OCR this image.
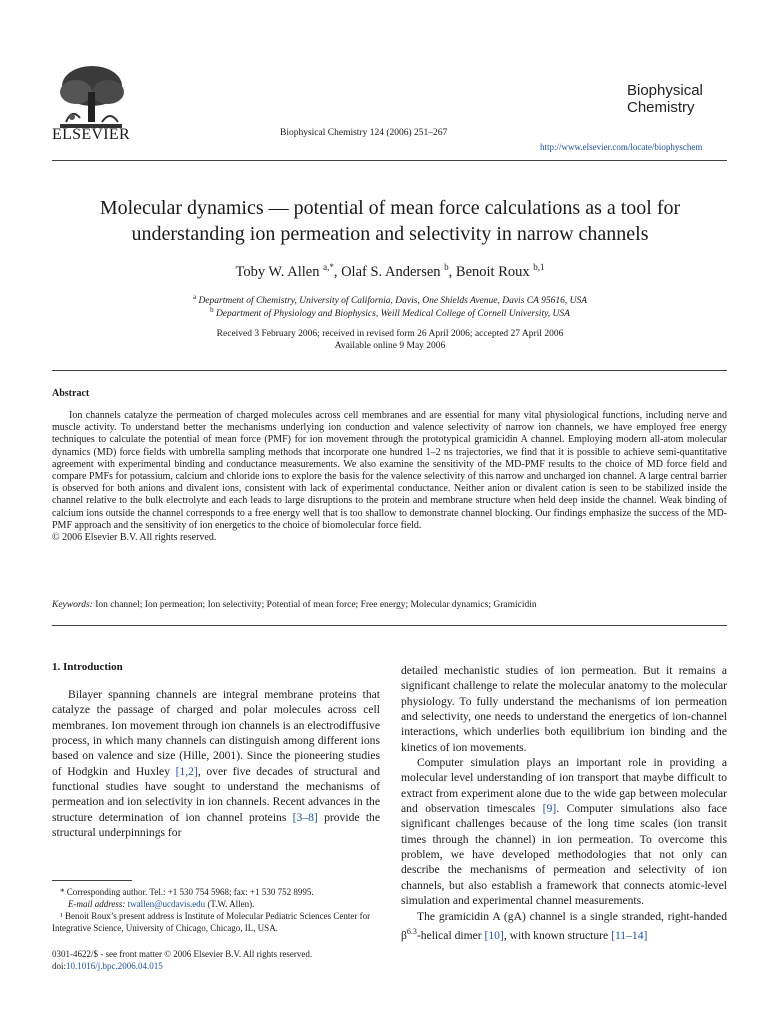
ELSEVIER	Biophysical Chemistry 124 (2006) 251–267
Biophysical
Chemistry
http://www.elsevier.com/locate/biophyschem
Molecular dynamics — potential of mean force calculations as a tool for
understanding ion permeation and selectivity in narrow channels
Toby W. Allen $^{a,*}$, Olaf S. Andersen $^b$, Benoit Roux $^{b,1}$
$^a$ Department of Chemistry, University of California, Davis, One Shields Avenue, Davis CA 95616, USA
$^b$ Department of Physiology and Biophysics, Weill Medical College of Cornell University, USA
Received 3 February 2006; received in revised form 26 April 2006; accepted 27 April 2006
Available online 9 May 2006
Abstract
Ion channels catalyze the permeation of charged molecules across cell membranes and are essential for many vital physiological functions, including nerve and muscle activity. To understand better the mechanisms underlying ion conduction and valence selectivity of narrow ion channels, we have employed free energy techniques to calculate the potential of mean force (PMF) for ion movement through the prototypical gramicidin A channel. Employing modern all-atom molecular dynamics (MD) force fields with umbrella sampling methods that incorporate one hundred 1–2 ns trajectories, we find that it is possible to achieve semi-quantitative agreement with experimental binding and conductance measurements. We also examine the sensitivity of the MD-PMF results to the choice of MD force field and compare PMFs for potassium, calcium and chloride ions to explore the basis for the valence selectivity of this narrow and uncharged ion channel. A large central barrier is observed for both anions and divalent ions, consistent with lack of experimental conductance. Neither anion or divalent cation is seen to be stabilized inside the channel relative to the bulk electrolyte and each leads to large disruptions to the protein and membrane structure when held deep inside the channel. Weak binding of calcium ions outside the channel corresponds to a free energy well that is too shallow to demonstrate channel blocking. Our findings emphasize the success of the MD-PMF approach and the sensitivity of ion energetics to the choice of biomolecular force field.
© 2006 Elsevier B.V. All rights reserved.
Keywords: Ion channel; Ion permeation; Ion selectivity; Potential of mean force; Free energy; Molecular dynamics; Gramicidin
1. Introduction

Bilayer spanning channels are integral membrane proteins that catalyze the passage of charged and polar molecules across cell membranes. Ion movement through ion channels is an electrodiffusive process, in which many channels can distinguish among different ions based on valence and size (Hille, 2001). Since the pioneering studies of Hodgkin and Huxley [1,2], over five decades of structural and functional studies have sought to understand the mechanisms of permeation and ion selectivity in ion channels. Recent advances in the structure determination of ion channel proteins [3–8] provide the structural underpinnings for

* Corresponding author. Tel.: +1 530 754 5968; fax: +1 530 752 8995.
E-mail address: twallen@ucdavis.edu (T.W. Allen).
¹ Benoit Roux’s present address is Institute of Molecular Pediatric Sciences Center for Integrative Science, University of Chicago, Chicago, IL, USA.
0301-4622/$ - see front matter © 2006 Elsevier B.V. All rights reserved.
doi:10.1016/j.bpc.2006.04.015

detailed mechanistic studies of ion permeation. But it remains a significant challenge to relate the molecular anatomy to the molecular physiology. To fully understand the mechanisms of ion permeation and selectivity, one needs to understand the energetics of ion-channel interactions, which underlies both equilibrium ion binding and the kinetics of ion movements.

Computer simulation plays an important role in providing a molecular level understanding of ion transport that maybe difficult to extract from experiment alone due to the wide gap between molecular and observation timescales [9]. Computer simulations also face significant challenges because of the long time scales (ion transit times through the channel) in ion permeation. To overcome this problem, we have developed methodologies that not only can describe the mechanisms of permeation and selectivity of ion channels, but also establish a framework that connects atomic-level simulation and experimental channel measurements.

The gramicidin A (gA) channel is a single stranded, right-handed $\beta^{6.3}$-helical dimer [10], with known structure [11–14]
